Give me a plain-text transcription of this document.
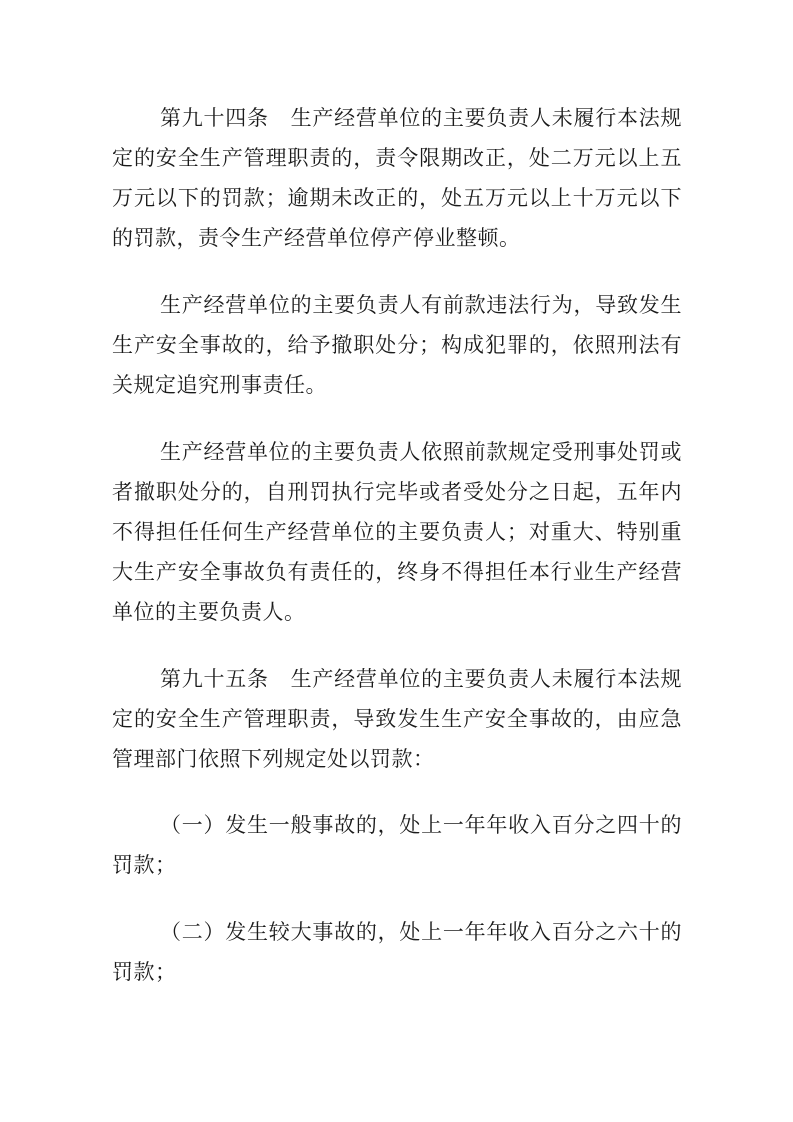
第九十四条　生产经营单位的主要负责人未履行本法规定的安全生产管理职责的，责令限期改正，处二万元以上五万元以下的罚款；逾期未改正的，处五万元以上十万元以下的罚款，责令生产经营单位停产停业整顿。

生产经营单位的主要负责人有前款违法行为，导致发生生产安全事故的，给予撤职处分；构成犯罪的，依照刑法有关规定追究刑事责任。

生产经营单位的主要负责人依照前款规定受刑事处罚或者撤职处分的，自刑罚执行完毕或者受处分之日起，五年内不得担任任何生产经营单位的主要负责人；对重大、特别重大生产安全事故负有责任的，终身不得担任本行业生产经营单位的主要负责人。

第九十五条　生产经营单位的主要负责人未履行本法规定的安全生产管理职责，导致发生生产安全事故的，由应急管理部门依照下列规定处以罚款：

（一）发生一般事故的，处上一年年收入百分之四十的罚款；

（二）发生较大事故的，处上一年年收入百分之六十的罚款；
